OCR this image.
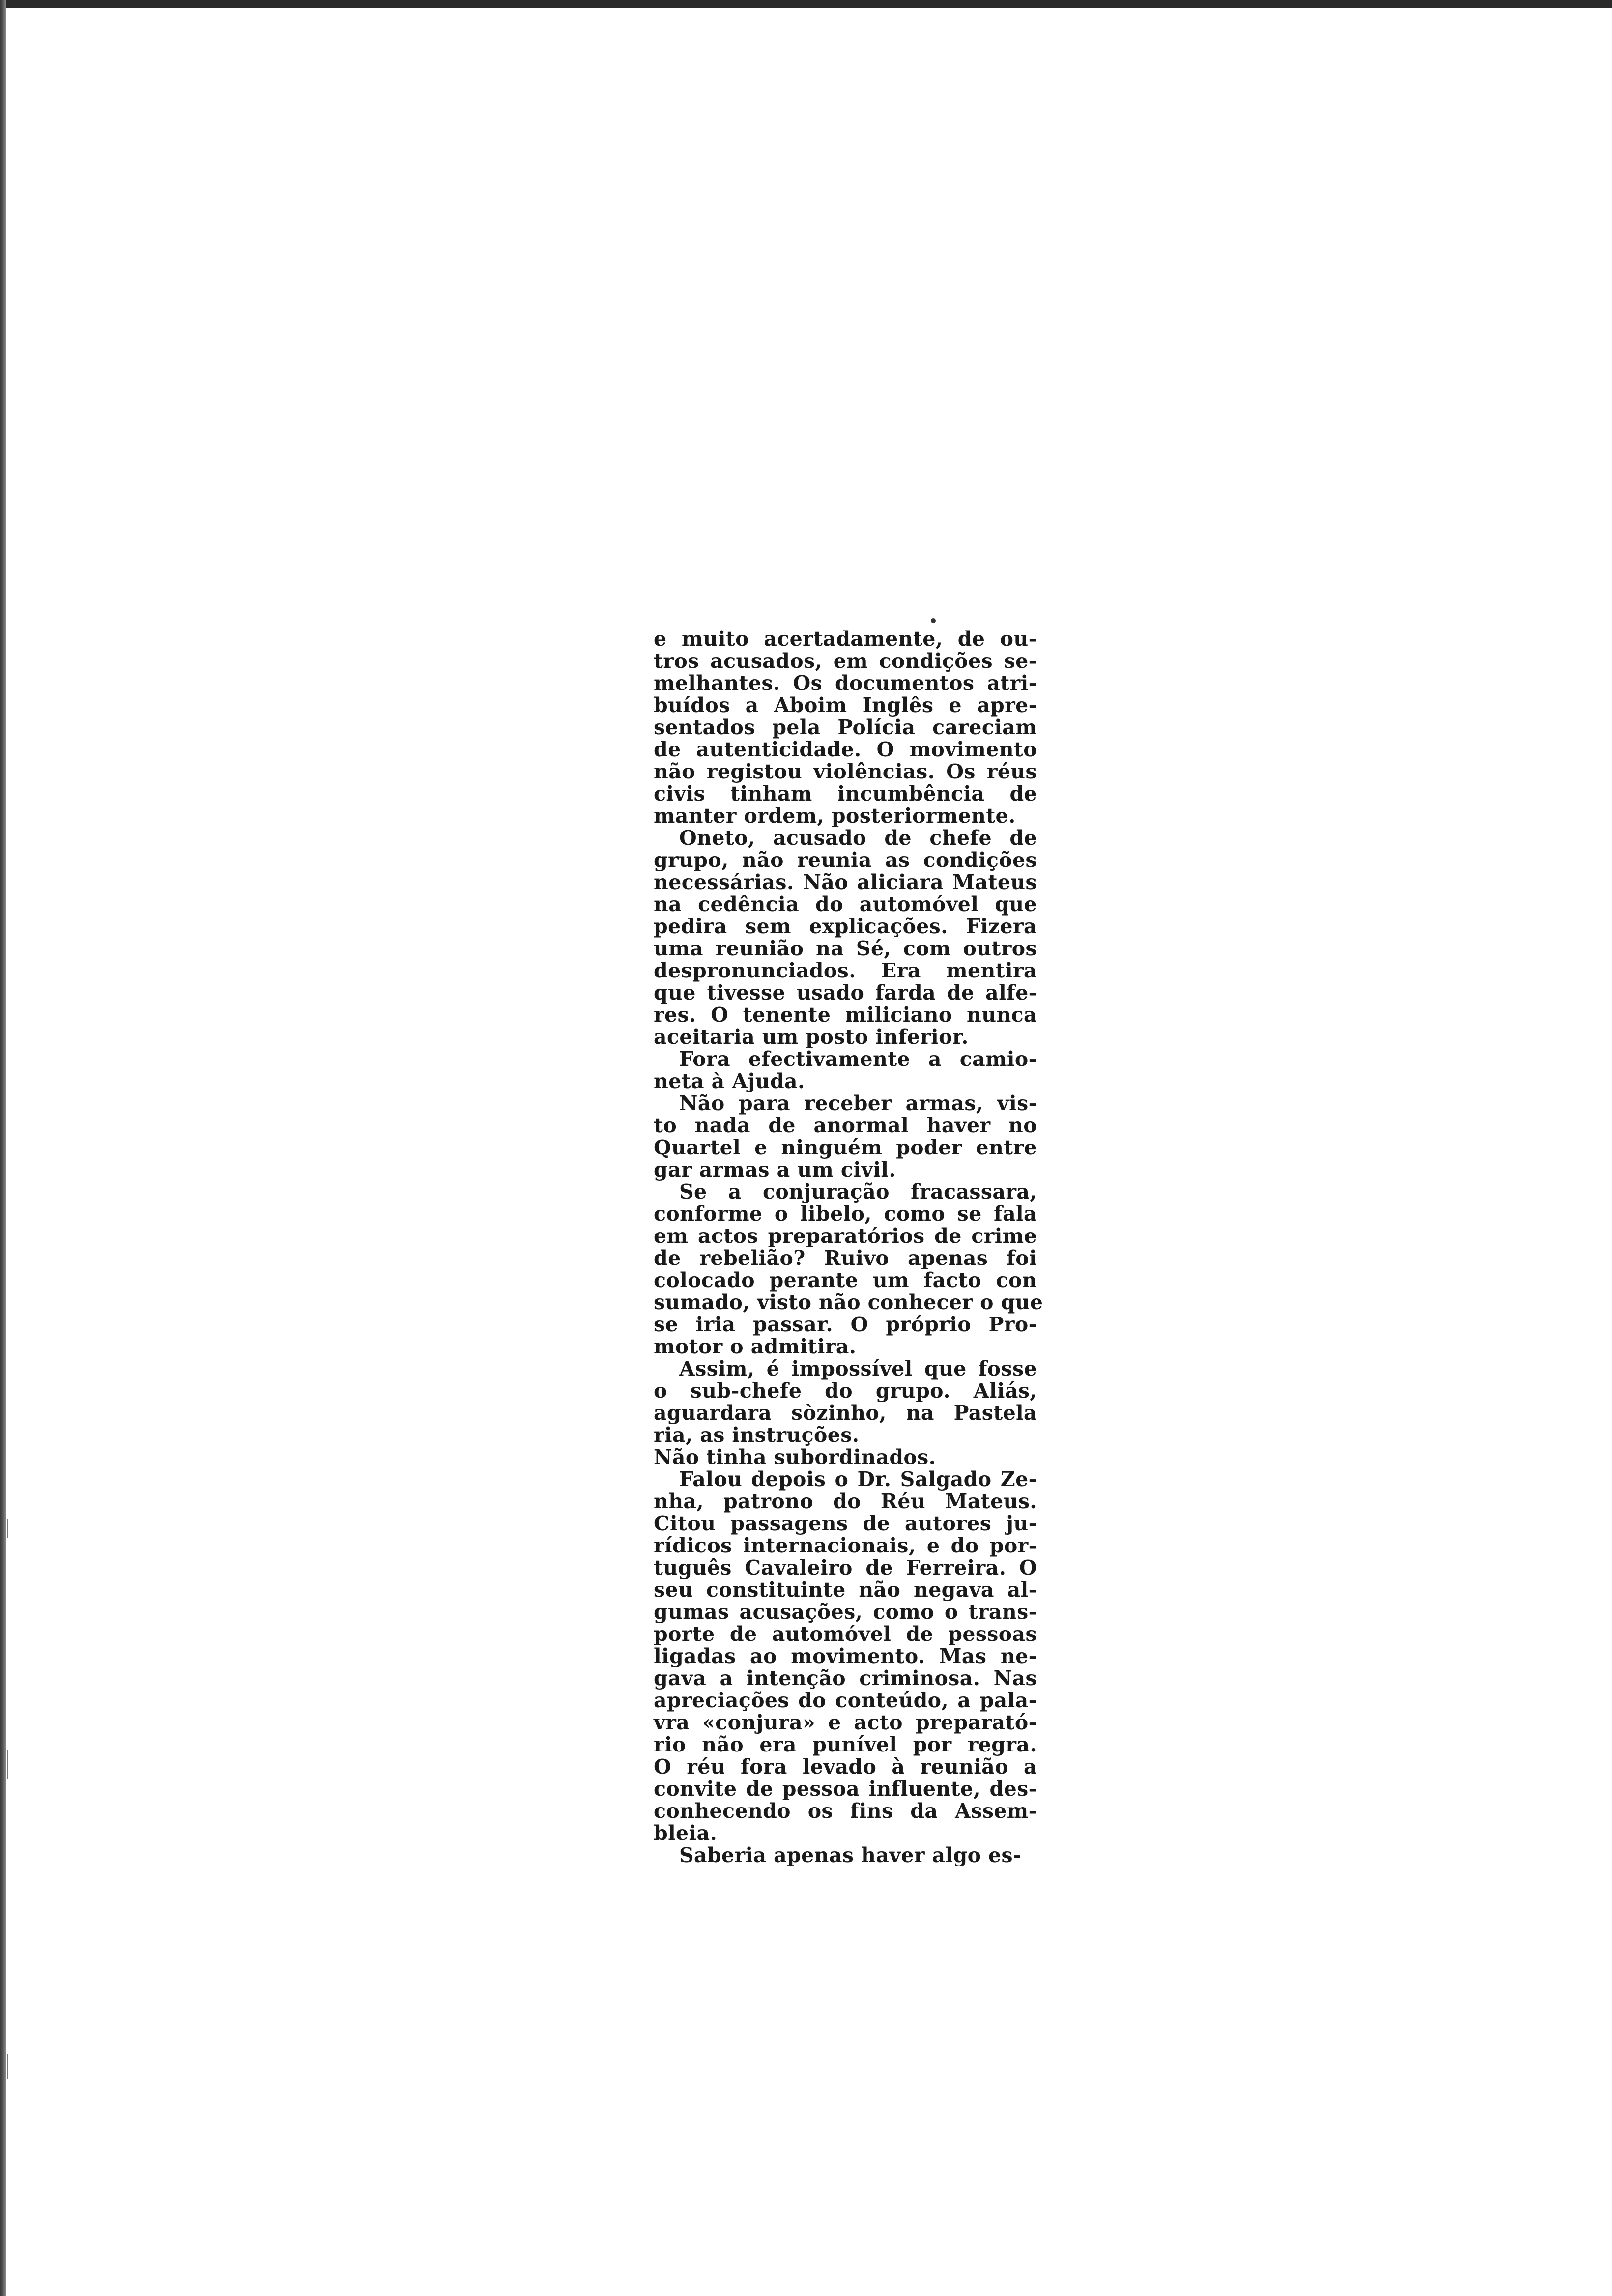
e muito acertadamente, de ou-
tros acusados, em condições se-
melhantes. Os documentos atri-
buídos a Aboim Inglês e apre-
sentados pela Polícia careciam
de autenticidade. O movimento
não registou violências. Os réus
civis tinham incumbência de
manter ordem, posteriormente.
Oneto, acusado de chefe de
grupo, não reunia as condições
necessárias. Não aliciara Mateus
na cedência do automóvel que
pedira sem explicações. Fizera
uma reunião na Sé, com outros
despronunciados. Era mentira
que tivesse usado farda de alfe-
res. O tenente miliciano nunca
aceitaria um posto inferior.
Fora efectivamente a camio-
neta à Ajuda.
Não para receber armas, vis-
to nada de anormal haver no
Quartel e ninguém poder entre
gar armas a um civil.
Se a conjuração fracassara,
conforme o libelo, como se fala
em actos preparatórios de crime
de rebelião? Ruivo apenas foi
colocado perante um facto con
sumado, visto não conhecer o que
se iria passar. O próprio Pro-
motor o admitira.
Assim, é impossível que fosse
o sub-chefe do grupo. Aliás,
aguardara sòzinho, na Pastela
ria, as instruções.
Não tinha subordinados.
Falou depois o Dr. Salgado Ze-
nha, patrono do Réu Mateus.
Citou passagens de autores ju-
rídicos internacionais, e do por-
tuguês Cavaleiro de Ferreira. O
seu constituinte não negava al-
gumas acusações, como o trans-
porte de automóvel de pessoas
ligadas ao movimento. Mas ne-
gava a intenção criminosa. Nas
apreciações do conteúdo, a pala-
vra «conjura» e acto preparató-
rio não era punível por regra.
O réu fora levado à reunião a
convite de pessoa influente, des-
conhecendo os fins da Assem-
bleia.
Saberia apenas haver algo es-
